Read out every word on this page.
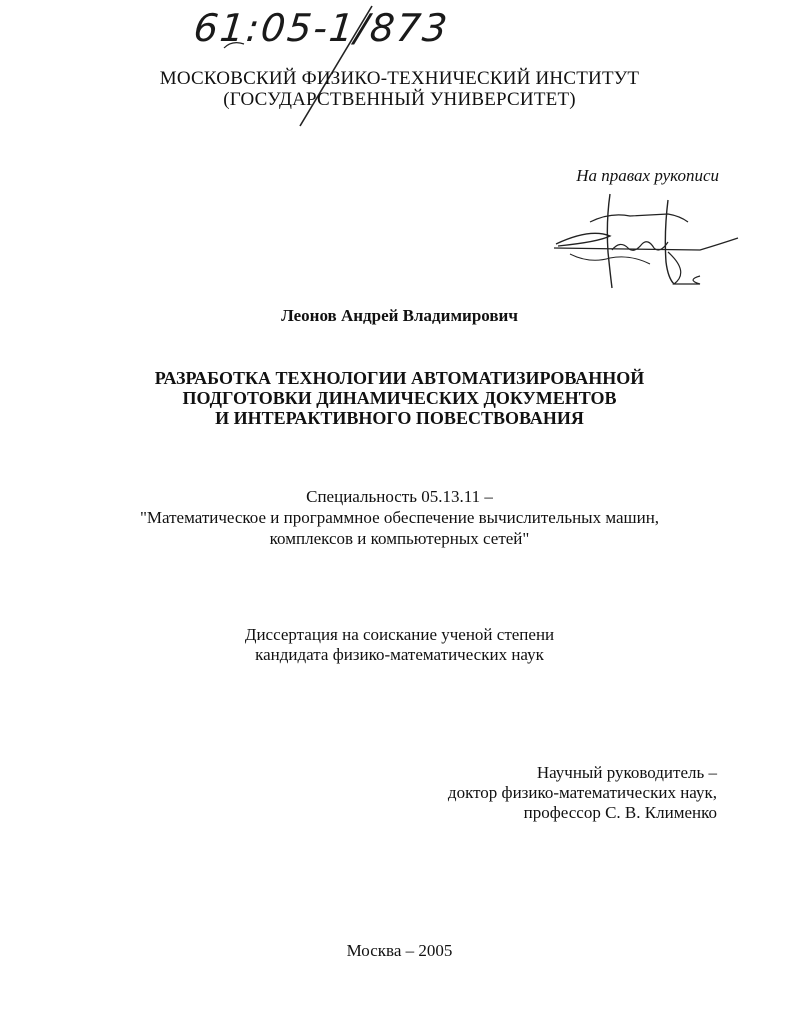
61:05-1/873
МОСКОВСКИЙ ФИЗИКО-ТЕХНИЧЕСКИЙ ИНСТИТУТ
(ГОСУДАРСТВЕННЫЙ УНИВЕРСИТЕТ)
На правах рукописи
Леонов Андрей Владимирович
РАЗРАБОТКА ТЕХНОЛОГИИ АВТОМАТИЗИРОВАННОЙ
ПОДГОТОВКИ ДИНАМИЧЕСКИХ ДОКУМЕНТОВ
И ИНТЕРАКТИВНОГО ПОВЕСТВОВАНИЯ
Специальность 05.13.11 –
"Математическое и программное обеспечение вычислительных машин,
комплексов и компьютерных сетей"
Диссертация на соискание ученой степени
кандидата физико-математических наук
Научный руководитель –
доктор физико-математических наук,
профессор С. В. Клименко
Москва – 2005
